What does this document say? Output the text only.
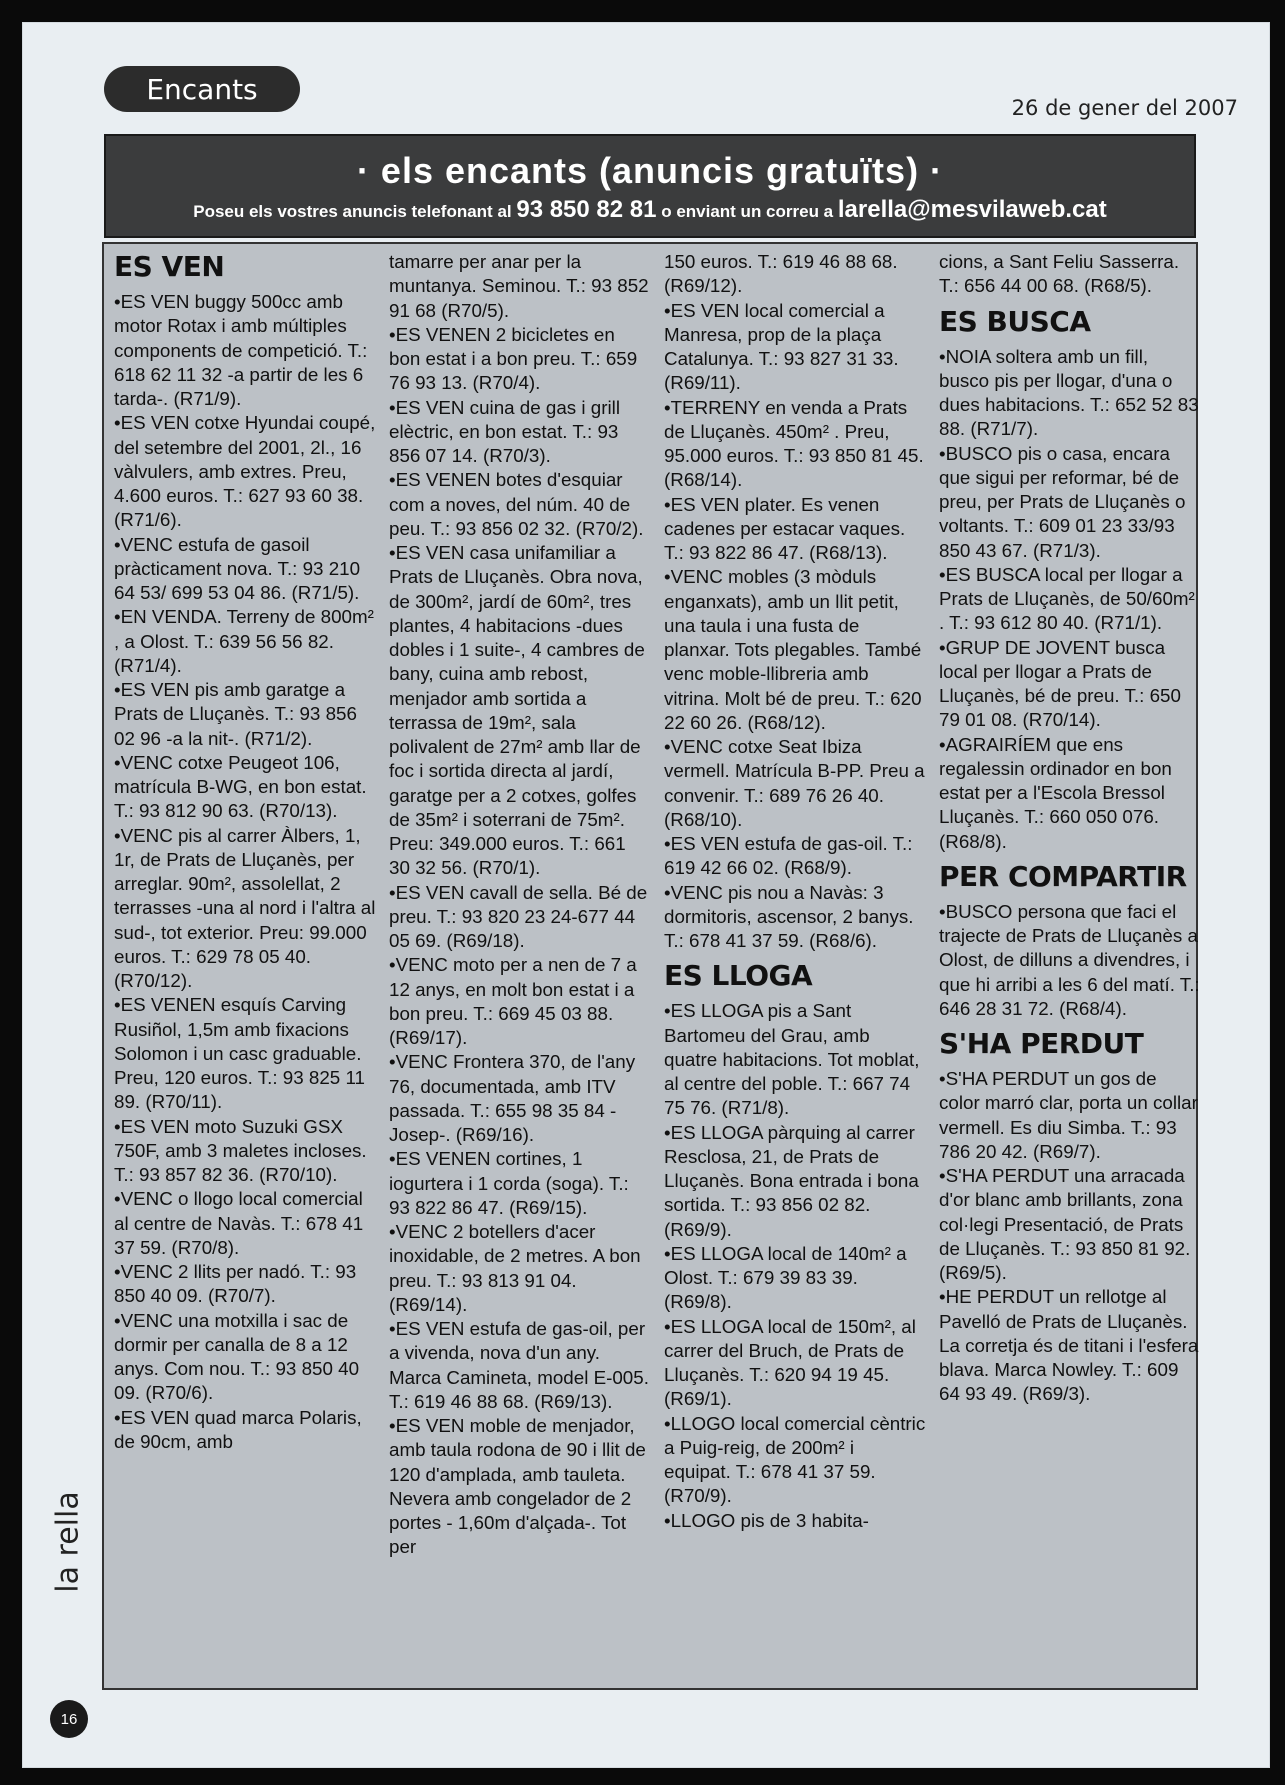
Encants
26 de gener del 2007
· els encants (anuncis gratuïts) ·
Poseu els vostres anuncis telefonant al 93 850 82 81 o enviant un correu a larella@mesvilaweb.cat
ES VEN

•ES VEN buggy 500cc amb motor Rotax i amb múltiples components de competició. T.: 618 62 11 32 -a partir de les 6 tarda-. (R71/9).

•ES VEN cotxe Hyundai coupé, del setembre del 2001, 2l., 16 vàlvulers, amb extres. Preu, 4.600 euros. T.: 627 93 60 38. (R71/6).

•VENC estufa de gasoil pràcticament nova. T.: 93 210 64 53/ 699 53 04 86. (R71/5).

•EN VENDA. Terreny de 800m² , a Olost. T.: 639 56 56 82. (R71/4).

•ES VEN pis amb garatge a Prats de Lluçanès. T.: 93 856 02 96 -a la nit-. (R71/2).

•VENC cotxe Peugeot 106, matrícula B-WG, en bon estat. T.: 93 812 90 63. (R70/13).

•VENC pis al carrer Àlbers, 1, 1r, de Prats de Lluçanès, per arreglar. 90m², assolellat, 2 terrasses -una al nord i l'altra al sud-, tot exterior. Preu: 99.000 euros. T.: 629 78 05 40. (R70/12).

•ES VENEN esquís Carving Rusiñol, 1,5m amb fixacions Solomon i un casc graduable. Preu, 120 euros. T.: 93 825 11 89. (R70/11).

•ES VEN moto Suzuki GSX 750F, amb 3 maletes incloses. T.: 93 857 82 36. (R70/10).

•VENC o llogo local comercial al centre de Navàs. T.: 678 41 37 59. (R70/8).

•VENC 2 llits per nadó. T.: 93 850 40 09. (R70/7).

•VENC una motxilla i sac de dormir per canalla de 8 a 12 anys. Com nou. T.: 93 850 40 09. (R70/6).

•ES VEN quad marca Polaris, de 90cm, amb

tamarre per anar per la muntanya. Seminou. T.: 93 852 91 68 (R70/5).

•ES VENEN 2 bicicletes en bon estat i a bon preu. T.: 659 76 93 13. (R70/4).

•ES VEN cuina de gas i grill elèctric, en bon estat. T.: 93 856 07 14. (R70/3).

•ES VENEN botes d'esquiar com a noves, del núm. 40 de peu. T.: 93 856 02 32. (R70/2).

•ES VEN casa unifamiliar a Prats de Lluçanès. Obra nova, de 300m², jardí de 60m², tres plantes, 4 habitacions -dues dobles i 1 suite-, 4 cambres de bany, cuina amb rebost, menjador amb sortida a terrassa de 19m², sala polivalent de 27m² amb llar de foc i sortida directa al jardí, garatge per a 2 cotxes, golfes de 35m² i soterrani de 75m². Preu: 349.000 euros. T.: 661 30 32 56. (R70/1).

•ES VEN cavall de sella. Bé de preu. T.: 93 820 23 24-677 44 05 69. (R69/18).

•VENC moto per a nen de 7 a 12 anys, en molt bon estat i a bon preu. T.: 669 45 03 88. (R69/17).

•VENC Frontera 370, de l'any 76, documentada, amb ITV passada. T.: 655 98 35 84 -Josep-. (R69/16).

•ES VENEN cortines, 1 iogurtera i 1 corda (soga). T.: 93 822 86 47. (R69/15).

•VENC 2 botellers d'acer inoxidable, de 2 metres. A bon preu. T.: 93 813 91 04. (R69/14).

•ES VEN estufa de gas-oil, per a vivenda, nova d'un any. Marca Camineta, model E-005. T.: 619 46 88 68. (R69/13).

•ES VEN moble de menjador, amb taula rodona de 90 i llit de 120 d'amplada, amb tauleta. Nevera amb congelador de 2 portes - 1,60m d'alçada-. Tot per

150 euros. T.: 619 46 88 68. (R69/12).

•ES VEN local comercial a Manresa, prop de la plaça Catalunya. T.: 93 827 31 33. (R69/11).

•TERRENY en venda a Prats de Lluçanès. 450m² . Preu, 95.000 euros. T.: 93 850 81 45. (R68/14).

•ES VEN plater. Es venen cadenes per estacar vaques. T.: 93 822 86 47. (R68/13).

•VENC mobles (3 mòduls enganxats), amb un llit petit, una taula i una fusta de planxar. Tots plegables. També venc moble-llibreria amb vitrina. Molt bé de preu. T.: 620 22 60 26. (R68/12).

•VENC cotxe Seat Ibiza vermell. Matrícula B-PP. Preu a convenir. T.: 689 76 26 40. (R68/10).

•ES VEN estufa de gas-oil. T.: 619 42 66 02. (R68/9).

•VENC pis nou a Navàs: 3 dormitoris, ascensor, 2 banys. T.: 678 41 37 59. (R68/6).

ES LLOGA

•ES LLOGA pis a Sant Bartomeu del Grau, amb quatre habitacions. Tot moblat, al centre del poble. T.: 667 74 75 76. (R71/8).

•ES LLOGA pàrquing al carrer Resclosa, 21, de Prats de Lluçanès. Bona entrada i bona sortida. T.: 93 856 02 82. (R69/9).

•ES LLOGA local de 140m² a Olost. T.: 679 39 83 39. (R69/8).

•ES LLOGA local de 150m², al carrer del Bruch, de Prats de Lluçanès. T.: 620 94 19 45. (R69/1).

•LLOGO local comercial cèntric a Puig-reig, de 200m² i equipat. T.: 678 41 37 59. (R70/9).

•LLOGO pis de 3 habita-

cions, a Sant Feliu Sasserra. T.: 656 44 00 68. (R68/5).

ES BUSCA

•NOIA soltera amb un fill, busco pis per llogar, d'una o dues habitacions. T.: 652 52 83 88. (R71/7).

•BUSCO pis o casa, encara que sigui per reformar, bé de preu, per Prats de Lluçanès o voltants. T.: 609 01 23 33/93 850 43 67. (R71/3).

•ES BUSCA local per llogar a Prats de Lluçanès, de 50/60m² . T.: 93 612 80 40. (R71/1).

•GRUP DE JOVENT busca local per llogar a Prats de Lluçanès, bé de preu. T.: 650 79 01 08. (R70/14).

•AGRAIRÍEM que ens regalessin ordinador en bon estat per a l'Escola Bressol Lluçanès. T.: 660 050 076. (R68/8).

PER COMPARTIR

•BUSCO persona que faci el trajecte de Prats de Lluçanès a Olost, de dilluns a divendres, i que hi arribi a les 6 del matí. T.: 646 28 31 72. (R68/4).

S'HA PERDUT

•S'HA PERDUT un gos de color marró clar, porta un collar vermell. Es diu Simba. T.: 93 786 20 42. (R69/7).

•S'HA PERDUT una arracada d'or blanc amb brillants, zona col·legi Presentació, de Prats de Lluçanès. T.: 93 850 81 92. (R69/5).

•HE PERDUT un rellotge al Pavelló de Prats de Lluçanès. La corretja és de titani i l'esfera blava. Marca Nowley. T.: 609 64 93 49. (R69/3).

la rella
16
